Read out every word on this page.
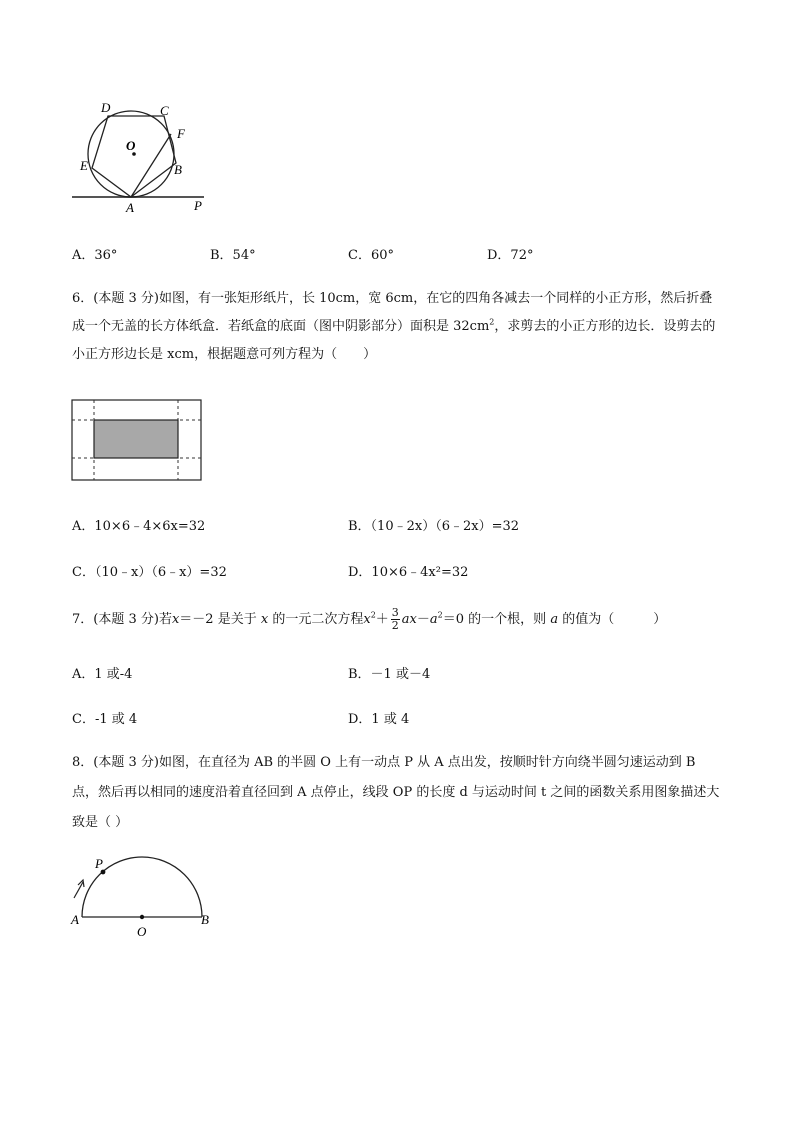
D	C
O
F
E	B
A	P
A．36°	B．54°	C．60°	D．72°
6．(本题 3 分)如图，有一张矩形纸片，长 10cm，宽 6cm，在它的四角各减去一个同样的小正方形，然后折叠成一个无盖的长方体纸盒．若纸盒的底面（图中阴影部分）面积是 $32cm^2$，求剪去的小正方形的边长．设剪去的小正方形边长是 xcm，根据题意可列方程为（　　）
A．10×6﹣4×6x=32	B．（10﹣2x）（6﹣2x）=32
C．（10﹣x）（6﹣x）=32	D．10×6﹣4x²=32
7．(本题 3 分)若x＝－2 是关于 x 的一元二次方程$x^2+ \frac{3}{2} ax-a^2=0$ 的一个根，则 a 的值为（　　　）
A．1 或-4	B．－1 或－4
C．-1 或 4	D．1 或 4
8．(本题 3 分)如图，在直径为 AB 的半圆 O 上有一动点 P 从 A 点出发，按顺时针方向绕半圆匀速运动到 B 点，然后再以相同的速度沿着直径回到 A 点停止，线段 OP 的长度 d 与运动时间 t 之间的函数关系用图象描述大致是（ ）
P
A
O
B
